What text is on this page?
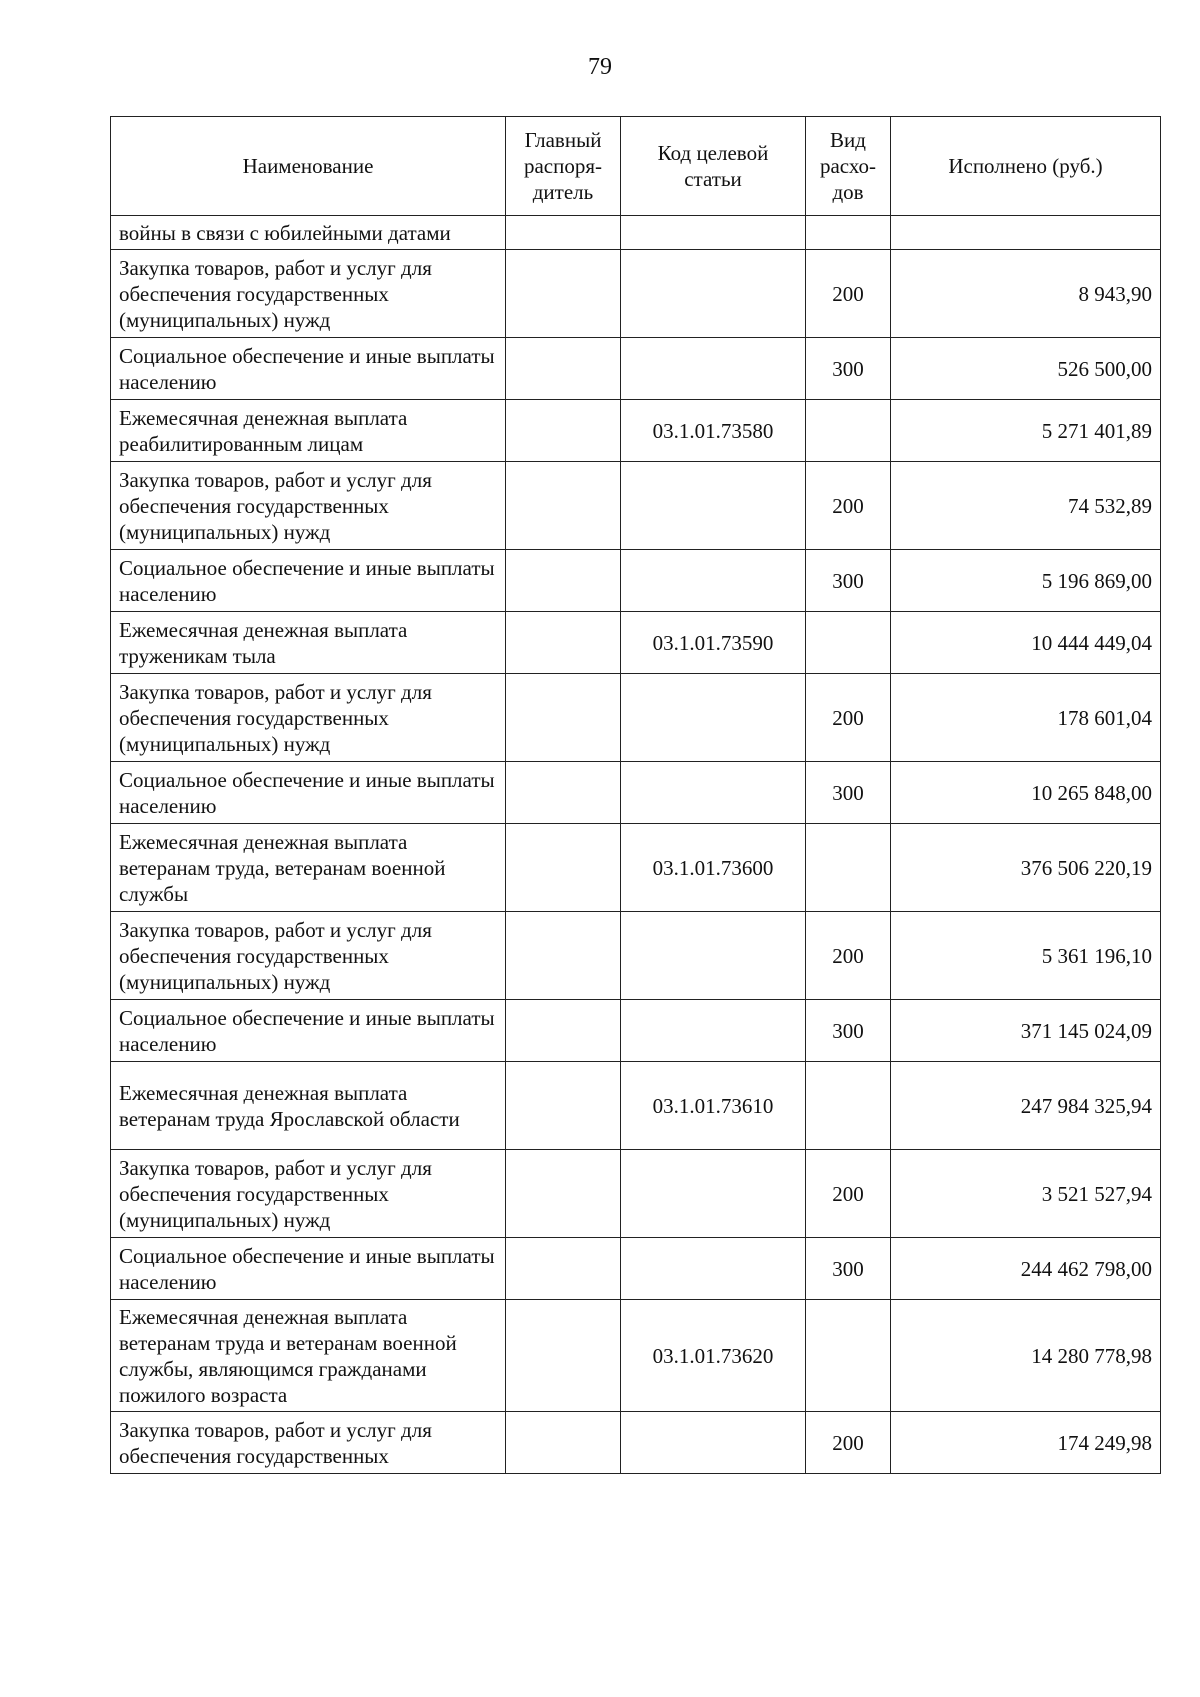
79
Наименование	Главный распоря-дитель	Код целевой статьи	Вид расхо-дов	Исполнено (руб.)
войны в связи с юбилейными датами				
Закупка товаров, работ и услуг для обеспечения государственных (муниципальных) нужд			200	8 943,90
Социальное обеспечение и иные выплаты населению			300	526 500,00
Ежемесячная денежная выплата реабилитированным лицам		03.1.01.73580		5 271 401,89
Закупка товаров, работ и услуг для обеспечения государственных (муниципальных) нужд			200	74 532,89
Социальное обеспечение и иные выплаты населению			300	5 196 869,00
Ежемесячная денежная выплата труженикам тыла		03.1.01.73590		10 444 449,04
Закупка товаров, работ и услуг для обеспечения государственных (муниципальных) нужд			200	178 601,04
Социальное обеспечение и иные выплаты населению			300	10 265 848,00
Ежемесячная денежная выплата ветеранам труда, ветеранам военной службы		03.1.01.73600		376 506 220,19
Закупка товаров, работ и услуг для обеспечения государственных (муниципальных) нужд			200	5 361 196,10
Социальное обеспечение и иные выплаты населению			300	371 145 024,09
Ежемесячная денежная выплата ветеранам труда Ярославской области		03.1.01.73610		247 984 325,94
Закупка товаров, работ и услуг для обеспечения государственных (муниципальных) нужд			200	3 521 527,94
Социальное обеспечение и иные выплаты населению			300	244 462 798,00
Ежемесячная денежная выплата ветеранам труда и ветеранам военной службы, являющимся гражданами пожилого возраста		03.1.01.73620		14 280 778,98
Закупка товаров, работ и услуг для обеспечения государственных			200	174 249,98
